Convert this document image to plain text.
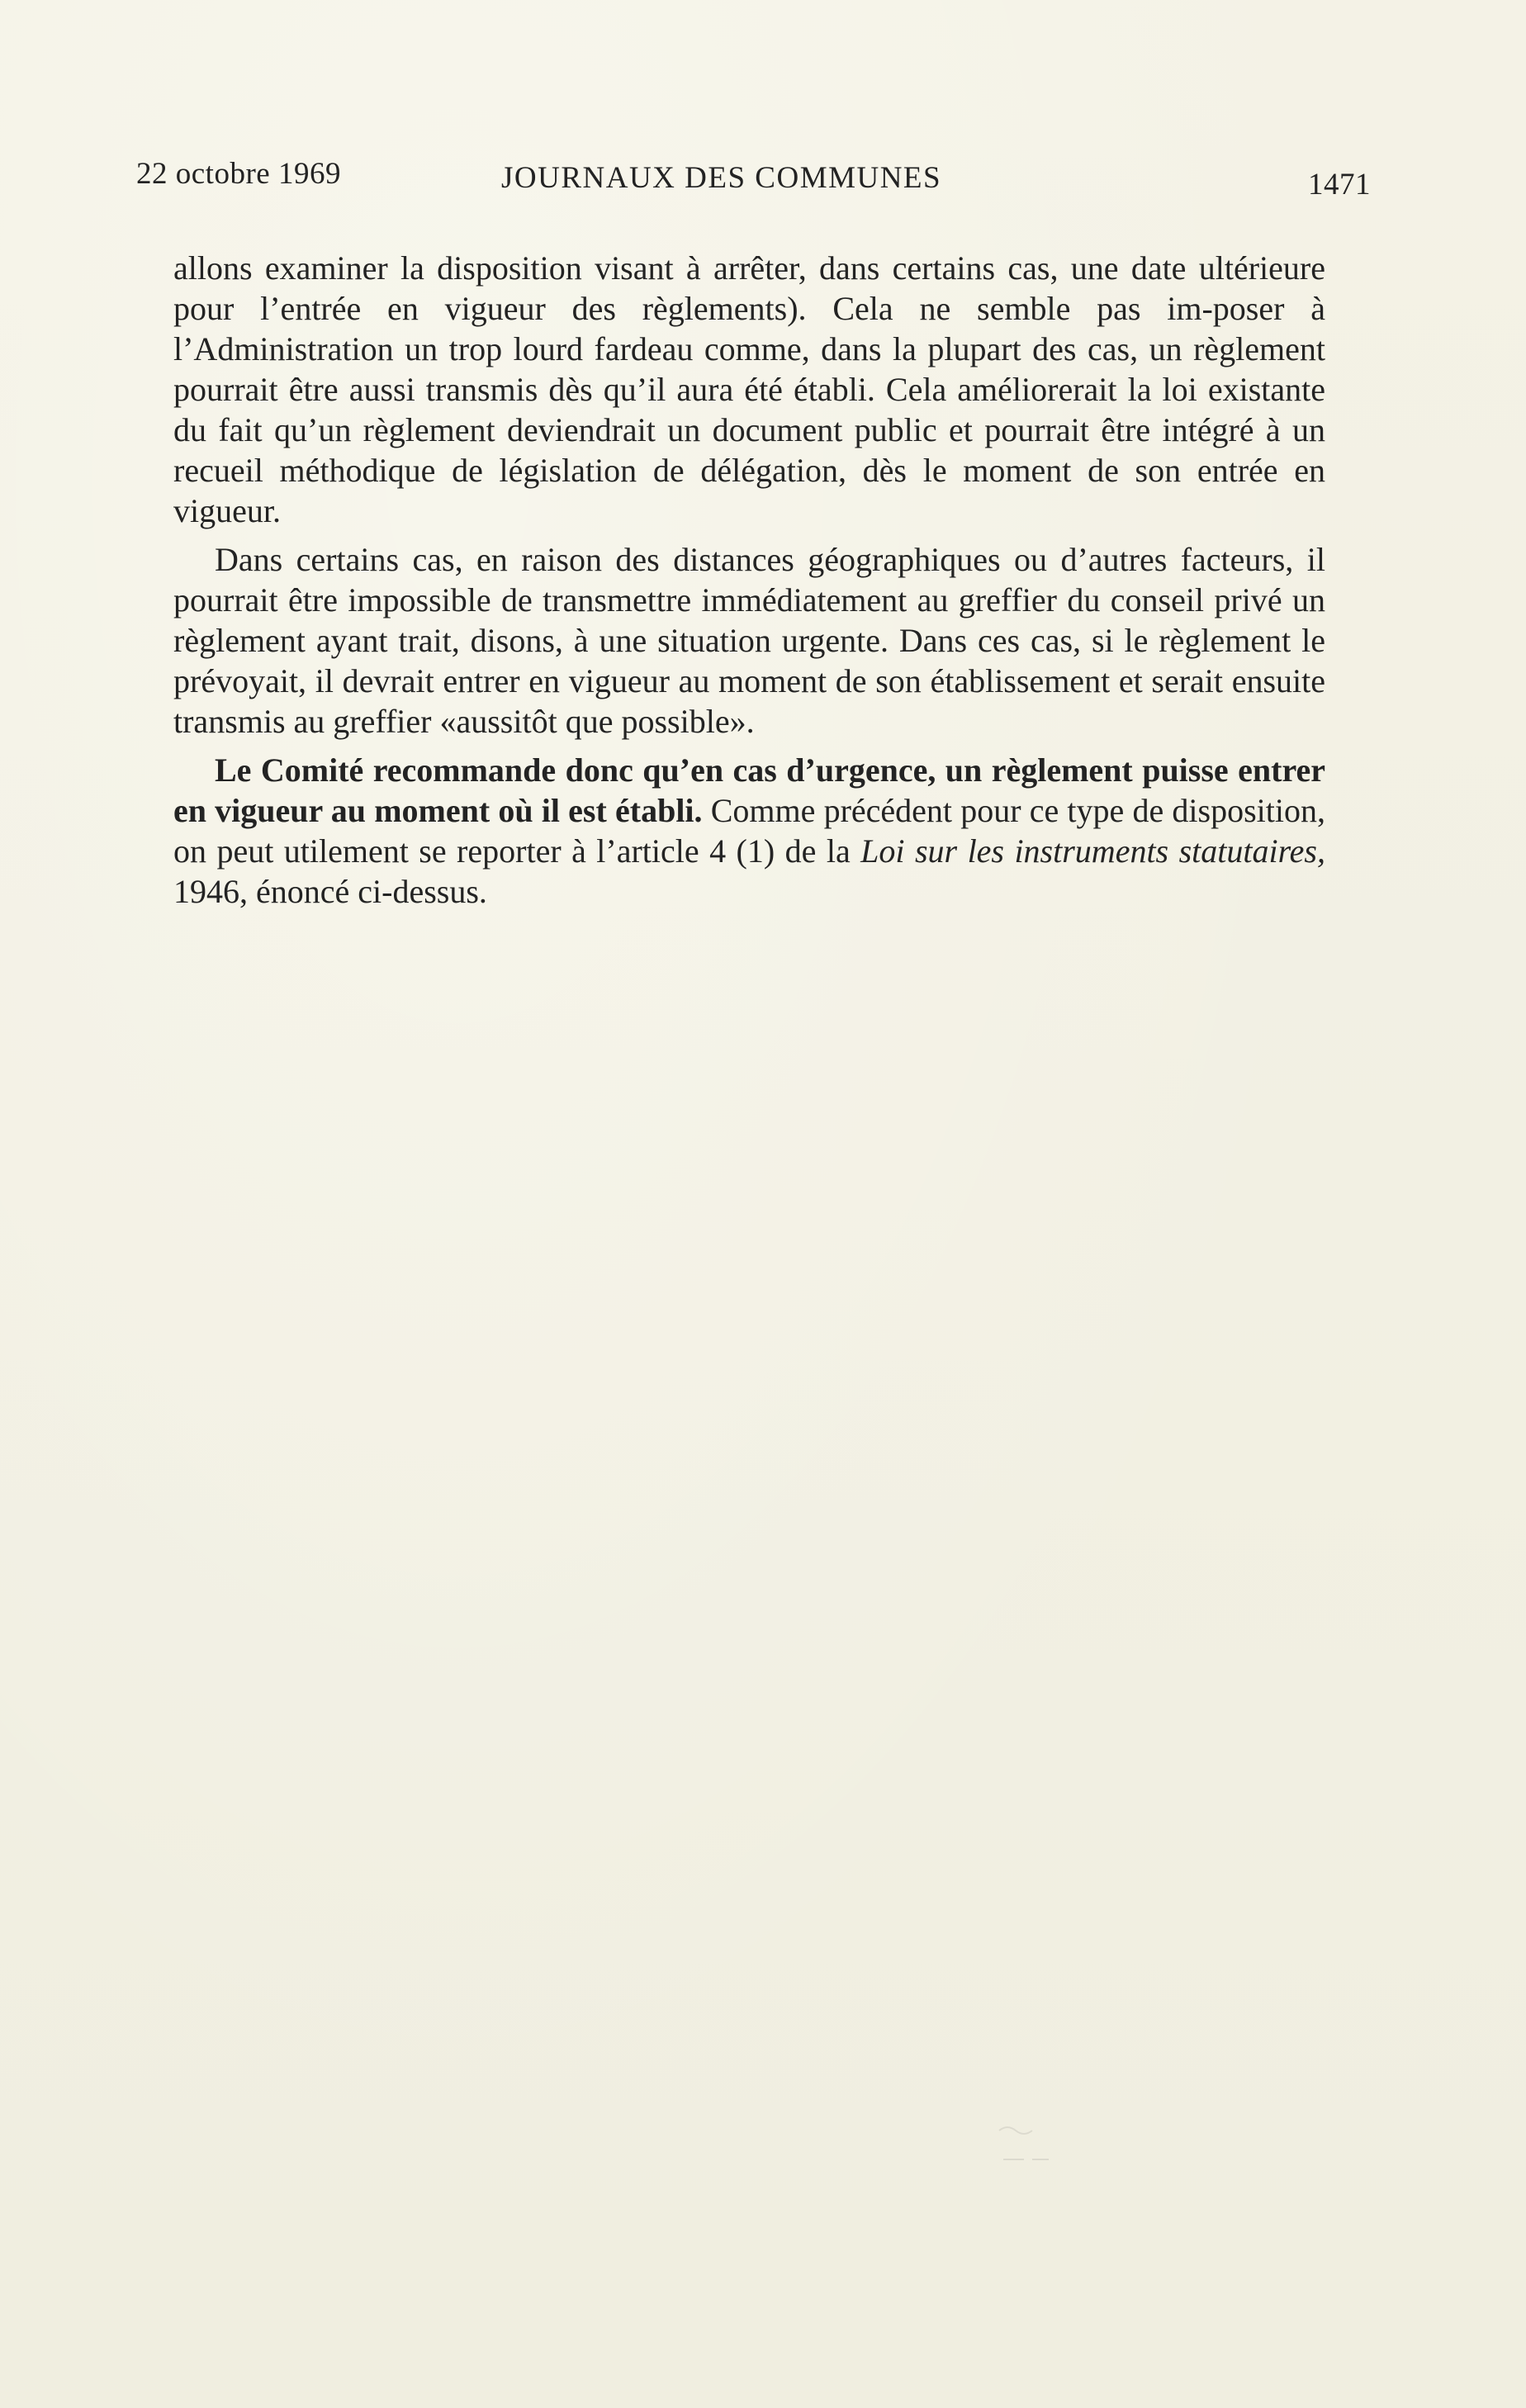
22 octobre 1969	JOURNAUX DES COMMUNES	1471

allons examiner la disposition visant à arrêter, dans certains cas, une date ultérieure pour l’entrée en vigueur des règlements). Cela ne semble pas im-poser à l’Administration un trop lourd fardeau comme, dans la plupart des cas, un règlement pourrait être aussi transmis dès qu’il aura été établi. Cela améliorerait la loi existante du fait qu’un règlement deviendrait un document public et pourrait être intégré à un recueil méthodique de législation de délégation, dès le moment de son entrée en vigueur.

Dans certains cas, en raison des distances géographiques ou d’autres facteurs, il pourrait être impossible de transmettre immédiatement au greffier du conseil privé un règlement ayant trait, disons, à une situation urgente. Dans ces cas, si le règlement le prévoyait, il devrait entrer en vigueur au moment de son établissement et serait ensuite transmis au greffier «aussitôt que possible».

Le Comité recommande donc qu’en cas d’urgence, un règlement puisse entrer en vigueur au moment où il est établi. Comme précédent pour ce type de disposition, on peut utilement se reporter à l’article 4 (1) de la Loi sur les instruments statutaires, 1946, énoncé ci-dessus.
